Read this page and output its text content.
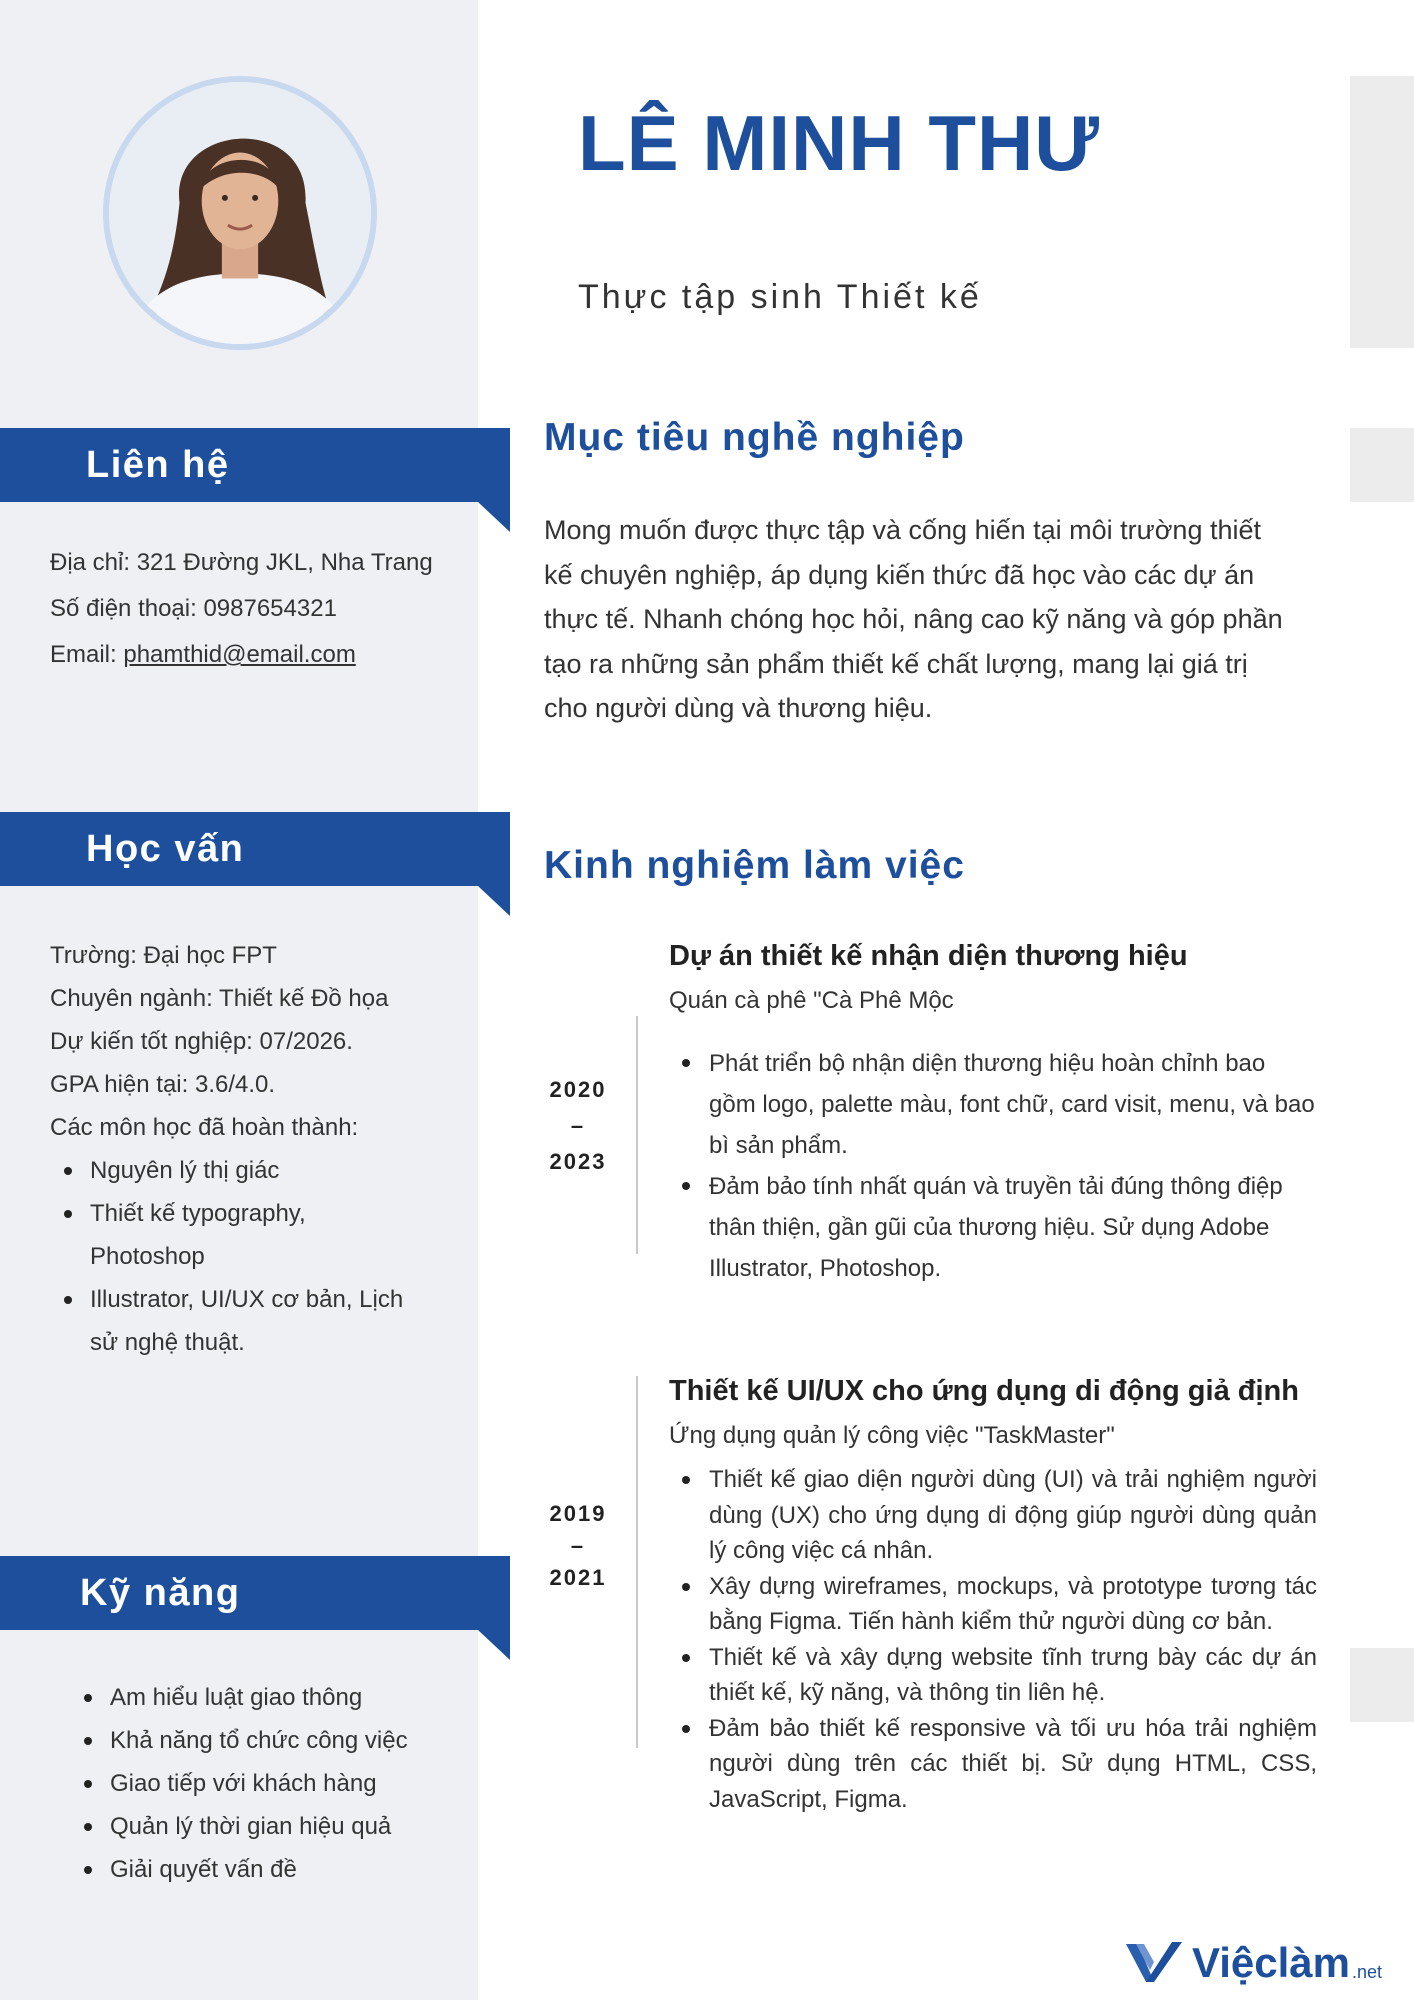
LÊ MINH THƯ
Thực tập sinh Thiết kế
Liên hệ
Địa chỉ: 321 Đường JKL, Nha Trang
Số điện thoại: 0987654321
Email: phamthid@email.com
Học vấn
Trường: Đại học FPT
Chuyên ngành: Thiết kế Đồ họa
Dự kiến tốt nghiệp: 07/2026.
GPA hiện tại: 3.6/4.0.
Các môn học đã hoàn thành:
Nguyên lý thị giác
Thiết kế typography, Photoshop
Illustrator, UI/UX cơ bản, Lịch sử nghệ thuật.
Kỹ năng
Am hiểu luật giao thông
Khả năng tổ chức công việc
Giao tiếp với khách hàng
Quản lý thời gian hiệu quả
Giải quyết vấn đề
Mục tiêu nghề nghiệp
Mong muốn được thực tập và cống hiến tại môi trường thiết kế chuyên nghiệp, áp dụng kiến thức đã học vào các dự án thực tế. Nhanh chóng học hỏi, nâng cao kỹ năng và góp phần tạo ra những sản phẩm thiết kế chất lượng, mang lại giá trị cho người dùng và thương hiệu.
Kinh nghiệm làm việc
2020
–
2023
Dự án thiết kế nhận diện thương hiệu
Quán cà phê "Cà Phê Mộc
Phát triển bộ nhận diện thương hiệu hoàn chỉnh bao gồm logo, palette màu, font chữ, card visit, menu, và bao bì sản phẩm.
Đảm bảo tính nhất quán và truyền tải đúng thông điệp thân thiện, gần gũi của thương hiệu. Sử dụng Adobe Illustrator, Photoshop.
2019
–
2021
Thiết kế UI/UX cho ứng dụng di động giả định
Ứng dụng quản lý công việc "TaskMaster"
Thiết kế giao diện người dùng (UI) và trải nghiệm người dùng (UX) cho ứng dụng di động giúp người dùng quản lý công việc cá nhân.
Xây dựng wireframes, mockups, và prototype tương tác bằng Figma. Tiến hành kiểm thử người dùng cơ bản.
Thiết kế và xây dựng website tĩnh trưng bày các dự án thiết kế, kỹ năng, và thông tin liên hệ.
Đảm bảo thiết kế responsive và tối ưu hóa trải nghiệm người dùng trên các thiết bị. Sử dụng HTML, CSS, JavaScript, Figma.
Việclàm .net
